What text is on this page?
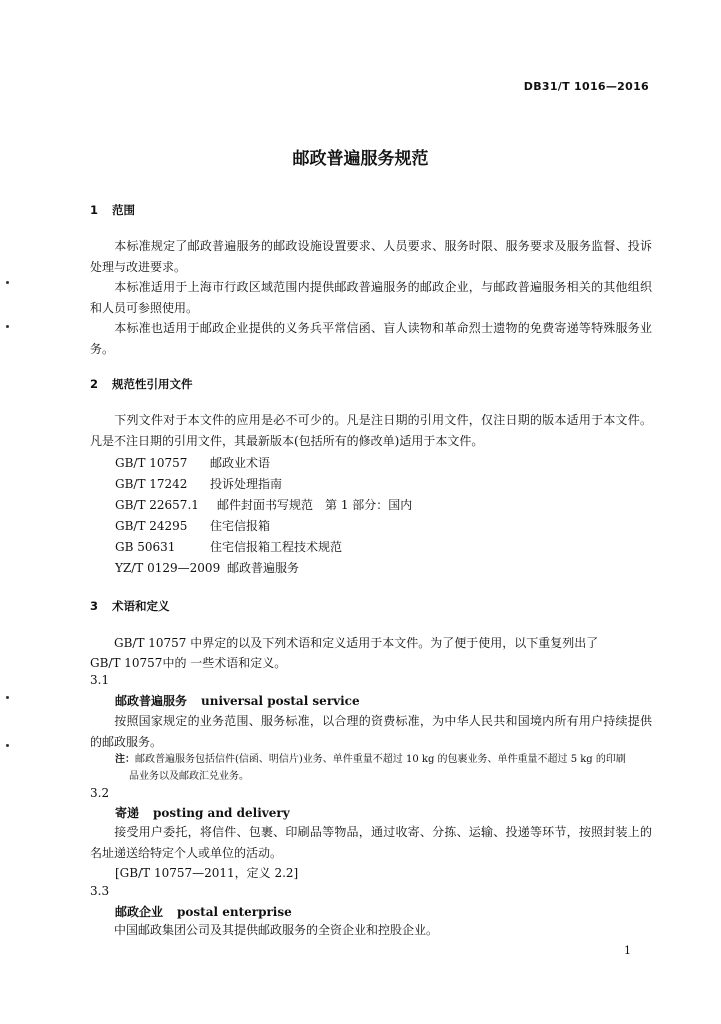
DB31/T 1016—2016
邮政普遍服务规范
1 范围
本标准规定了邮政普遍服务的邮政设施设置要求、人员要求、服务时限、服务要求及服务监督、投诉处理与改进要求。
本标准适用于上海市行政区域范围内提供邮政普遍服务的邮政企业，与邮政普遍服务相关的其他组织和人员可参照使用。
本标准也适用于邮政企业提供的义务兵平常信函、盲人读物和革命烈士遗物的免费寄递等特殊服务业务。
2 规范性引用文件
下列文件对于本文件的应用是必不可少的。凡是注日期的引用文件，仅注日期的版本适用于本文件。凡是不注日期的引用文件，其最新版本(包括所有的修改单)适用于本文件。
GB/T 10757 邮政业术语
GB/T 17242 投诉处理指南
GB/T 22657.1 邮件封面书写规范　第 1 部分：国内
GB/T 24295 住宅信报箱
GB 50631	住宅信报箱工程技术规范
YZ/T 0129—2009 邮政普遍服务
3 术语和定义
GB/T 10757 中界定的以及下列术语和定义适用于本文件。为了便于使用，以下重复列出了
GB/T 10757中的 一些术语和定义。
3.1
邮政普遍服务 universal postal service
按照国家规定的业务范围、服务标准，以合理的资费标准，为中华人民共和国境内所有用户持续提供的邮政服务。
注：邮政普遍服务包括信件(信函、明信片)业务、单件重量不超过 10 kg 的包裹业务、单件重量不超过 5 kg 的印刷
品业务以及邮政汇兑业务。
3.2
寄递 posting and delivery
接受用户委托，将信件、包裹、印刷品等物品，通过收寄、分拣、运输、投递等环节，按照封装上的名址递送给特定个人或单位的活动。
[GB/T 10757—2011，定义 2.2]
3.3
邮政企业 postal enterprise
中国邮政集团公司及其提供邮政服务的全资企业和控股企业。
1
